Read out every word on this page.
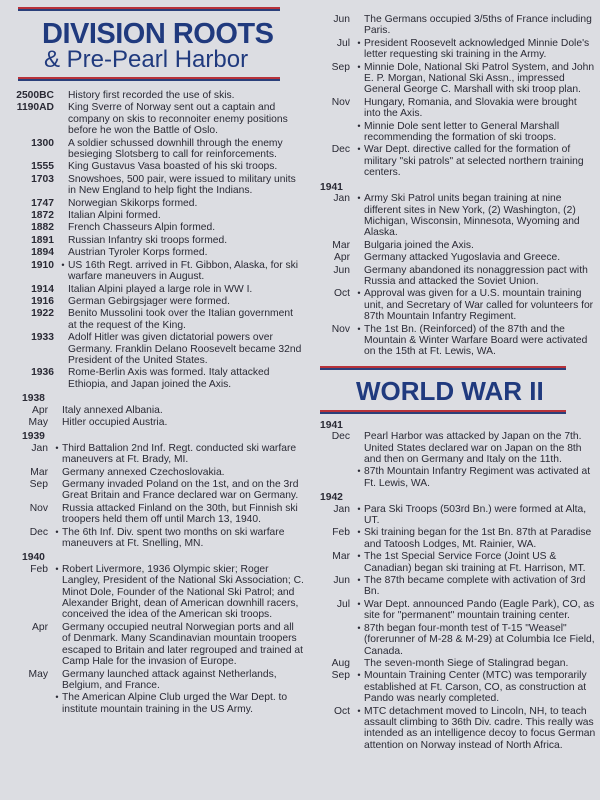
DIVISION ROOTS
& Pre-Pearl Harbor
2500BC	History first recorded the use of skis.
1190AD	King Sverre of Norway sent out a captain and company on skis to reconnoiter enemy positions before he won the Battle of Oslo.
1300	A soldier schussed downhill through the enemy besieging Slotsberg to call for reinforcements.
1555	King Gustavus Vasa boasted of his ski troops.
1703	Snowshoes, 500 pair, were issued to military units in New England to help fight the Indians.
1747	Norwegian Skikorps formed.
1872	Italian Alpini formed.
1882	French Chasseurs Alpin formed.
1891	Russian Infantry ski troops formed.
1894	Austrian Tyroler Korps formed.
1910 • US 16th Regt. arrived in Ft. Gibbon, Alaska, for ski warfare maneuvers in August.
1914	Italian Alpini played a large role in WW I.
1916	German Gebirgsjager were formed.
1922	Benito Mussolini took over the Italian government at the request of the King.
1933	Adolf Hitler was given dictatorial powers over Germany. Franklin Delano Roosevelt became 32nd President of the United States.
1936	Rome-Berlin Axis was formed. Italy attacked Ethiopia, and Japan joined the Axis.
1938
Apr	Italy annexed Albania.
May	Hitler occupied Austria.
1939
Jan • Third Battalion 2nd Inf. Regt. conducted ski warfare maneuvers at Ft. Brady, MI.
Mar	Germany annexed Czechoslovakia.
Sep	Germany invaded Poland on the 1st, and on the 3rd Great Britain and France declared war on Germany.
Nov	Russia attacked Finland on the 30th, but Finnish ski troopers held them off until March 13, 1940.
Dec • The 6th Inf. Div. spent two months on ski warfare maneuvers at Ft. Snelling, MN.
1940
Feb • Robert Livermore, 1936 Olympic skier; Roger Langley, President of the National Ski Association; C. Minot Dole, Founder of the National Ski Patrol; and Alexander Bright, dean of American downhill racers, conceived the idea of the American ski troops.
Apr	Germany occupied neutral Norwegian ports and all of Denmark. Many Scandinavian mountain troopers escaped to Britain and later regrouped and trained at Camp Hale for the invasion of Europe.
May	Germany launched attack against Netherlands, Belgium, and France.
• The American Alpine Club urged the War Dept. to institute mountain training in the US Army.
Jun	The Germans occupied 3/5ths of France including Paris.
Jul • President Roosevelt acknowledged Minnie Dole's letter requesting ski training in the Army.
Sep • Minnie Dole, National Ski Patrol System, and John E. P. Morgan, National Ski Assn., impressed General George C. Marshall with ski troop plan.
Nov	Hungary, Romania, and Slovakia were brought into the Axis.
• Minnie Dole sent letter to General Marshall recommending the formation of ski troops.
Dec • War Dept. directive called for the formation of military "ski patrols" at selected northern training centers.
1941
Jan • Army Ski Patrol units began training at nine different sites in New York, (2) Washington, (2) Michigan, Wisconsin, Minnesota, Wyoming and Alaska.
Mar	Bulgaria joined the Axis.
Apr	Germany attacked Yugoslavia and Greece.
Jun	Germany abandoned its nonaggression pact with Russia and attacked the Soviet Union.
Oct • Approval was given for a U.S. mountain training unit, and Secretary of War called for volunteers for 87th Mountain Infantry Regiment.
Nov • The 1st Bn. (Reinforced) of the 87th and the Mountain & Winter Warfare Board were activated on the 15th at Ft. Lewis, WA.
WORLD WAR II
1941
Dec	Pearl Harbor was attacked by Japan on the 7th. United States declared war on Japan on the 8th and then on Germany and Italy on the 11th.
• 87th Mountain Infantry Regiment was activated at Ft. Lewis, WA.
1942
Jan • Para Ski Troops (503rd Bn.) were formed at Alta, UT.
Feb • Ski training began for the 1st Bn. 87th at Paradise and Tatoosh Lodges, Mt. Rainier, WA.
Mar • The 1st Special Service Force (Joint US & Canadian) began ski training at Ft. Harrison, MT.
Jun • The 87th became complete with activation of 3rd Bn.
Jul • War Dept. announced Pando (Eagle Park), CO, as site for "permanent" mountain training center.
• 87th began four-month test of T-15 "Weasel" (forerunner of M-28 & M-29) at Columbia Ice Field, Canada.
Aug	The seven-month Siege of Stalingrad began.
Sep • Mountain Training Center (MTC) was temporarily established at Ft. Carson, CO, as construction at Pando was nearly completed.
Oct • MTC detachment moved to Lincoln, NH, to teach assault climbing to 36th Div. cadre. This really was intended as an intelligence decoy to focus German attention on Norway instead of North Africa.
